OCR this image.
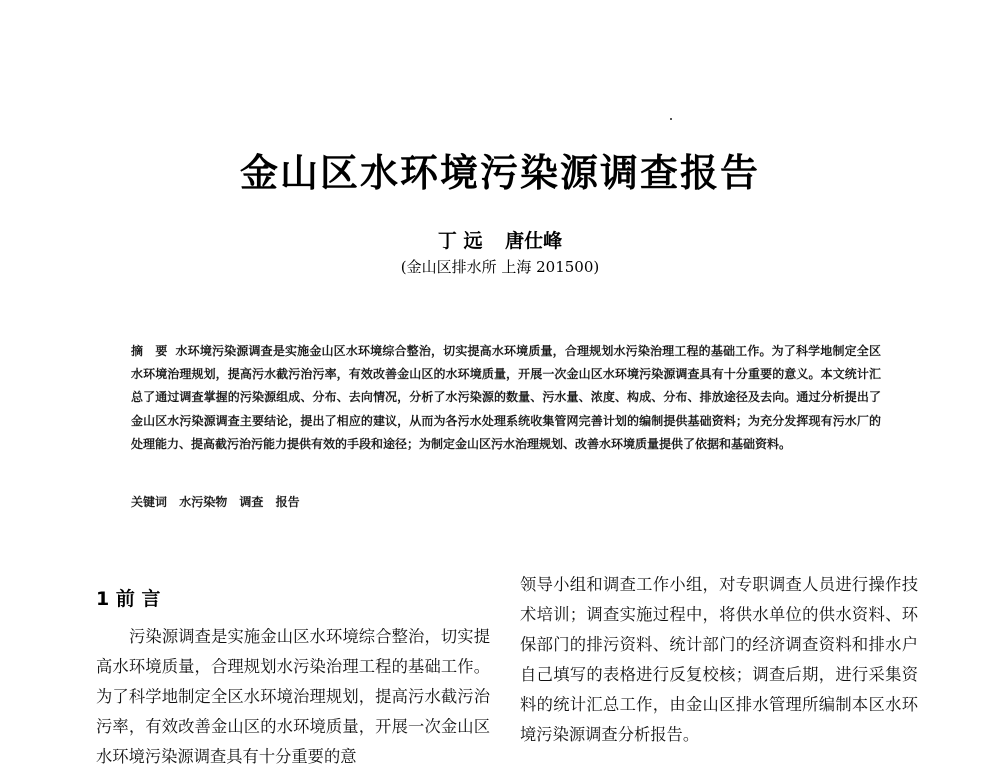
金山区水环境污染源调查报告
丁 远 唐仕峰
(金山区排水所 上海 201500)
摘　要 水环境污染源调查是实施金山区水环境综合整治，切实提高水环境质量，合理规划水污染治理工程的基础工作。为了科学地制定全区水环境治理规划，提高污水截污治污率，有效改善金山区的水环境质量，开展一次金山区水环境污染源调查具有十分重要的意义。本文统计汇总了通过调查掌握的污染源组成、分布、去向情况，分析了水污染源的数量、污水量、浓度、构成、分布、排放途径及去向。通过分析提出了金山区水污染源调查主要结论，提出了相应的建议，从而为各污水处理系统收集管网完善计划的编制提供基础资料；为充分发挥现有污水厂的处理能力、提高截污治污能力提供有效的手段和途径；为制定金山区污水治理规划、改善水环境质量提供了依据和基础资料。
关键词 水污染物 调查 报告
1 前 言
污染源调查是实施金山区水环境综合整治，切实提高水环境质量，合理规划水污染治理工程的基础工作。为了科学地制定全区水环境治理规划，提高污水截污治污率，有效改善金山区的水环境质量，开展一次金山区水环境污染源调查具有十分重要的意
领导小组和调查工作小组，对专职调查人员进行操作技术培训；调查实施过程中，将供水单位的供水资料、环保部门的排污资料、统计部门的经济调查资料和排水户自己填写的表格进行反复校核；调查后期，进行采集资料的统计汇总工作，由金山区排水管理所编制本区水环境污染源调查分析报告。
